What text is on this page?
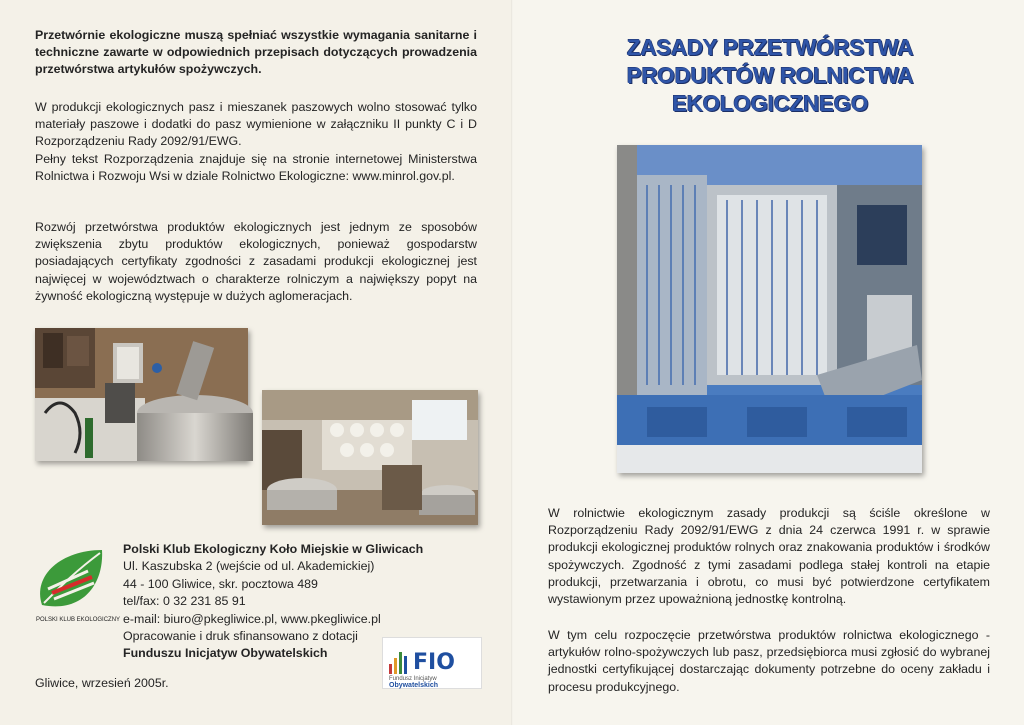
Przetwórnie ekologiczne muszą spełniać wszystkie wymagania sanitarne i techniczne zawarte w odpowiednich przepisach dotyczących prowadzenia przetwórstwa artykułów spożywczych.

W produkcji ekologicznych pasz i mieszanek paszowych wolno stosować tylko materiały paszowe i dodatki do pasz wymienione w załączniku II punkty C i D Rozporządzeniu Rady 2092/91/EWG.
Pełny tekst Rozporządzenia znajduje się na stronie internetowej Ministerstwa Rolnictwa i Rozwoju Wsi w dziale Rolnictwo Ekologiczne: www.minrol.gov.pl.

Rozwój przetwórstwa produktów ekologicznych jest jednym ze sposobów zwiększenia zbytu produktów ekologicznych, ponieważ gospodarstw posiadających certyfikaty zgodności z zasadami produkcji ekologicznej jest najwięcej w województwach o charakterze rolniczym a największy popyt na żywność ekologiczną występuje w dużych aglomeracjach.

POLSKI KLUB EKOLOGICZNY
Polski Klub Ekologiczny Koło Miejskie w Gliwicach
Ul. Kaszubska 2 (wejście od ul. Akademickiej)
44 - 100 Gliwice, skr. pocztowa 489
tel/fax: 0 32 231 85 91
e-mail: biuro@pkegliwice.pl, www.pkegliwice.pl
Opracowanie i druk sfinansowano z dotacji
Funduszu Inicjatyw Obywatelskich	FIO
Fundusz Inicjatyw
Obywatelskich
Gliwice, wrzesień 2005r.
ZASADY PRZETWÓRSTWA
PRODUKTÓW ROLNICTWA
EKOLOGICZNEGO

W rolnictwie ekologicznym zasady produkcji są ściśle określone w Rozporządzeniu Rady 2092/91/EWG z dnia 24 czerwca 1991 r. w sprawie produkcji ekologicznej produktów rolnych oraz znakowania produktów i środków spożywczych. Zgodność z tymi zasadami podlega stałej kontroli na etapie produkcji, przetwarzania i obrotu, co musi być potwierdzone certyfikatem wystawionym przez upoważnioną jednostkę kontrolną.

W tym celu rozpoczęcie przetwórstwa produktów rolnictwa ekologicznego - artykułów rolno-spożywczych lub pasz, przedsiębiorca musi zgłosić do wybranej jednostki certyfikującej dostarczając dokumenty potrzebne do oceny zakładu i procesu produkcyjnego.
